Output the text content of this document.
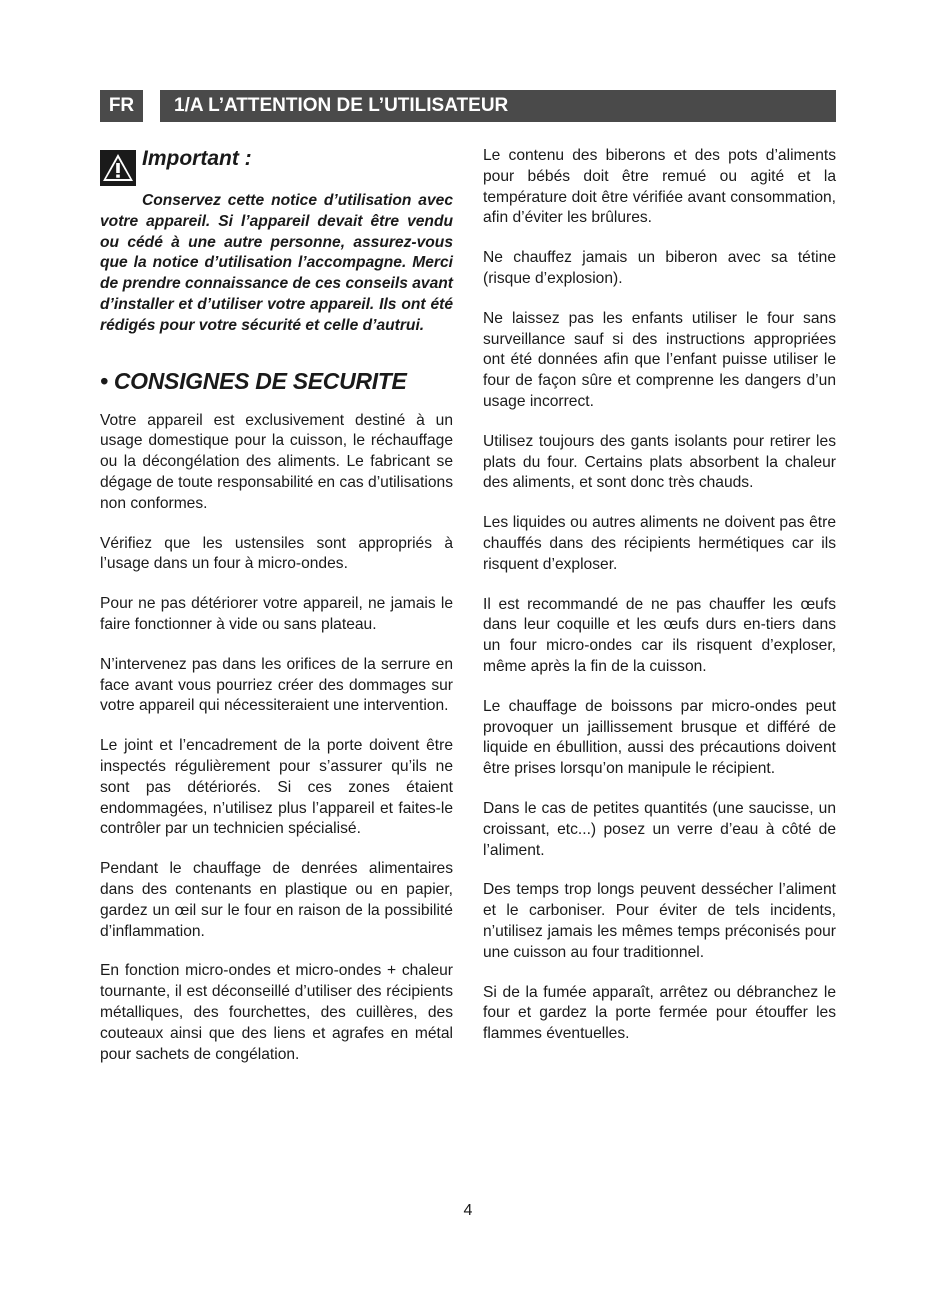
FR	1/A L’ATTENTION DE L’UTILISATEUR

Important :

Conservez cette notice d’utilisation avec votre appareil. Si l’appareil devait être vendu ou cédé à une autre personne, assurez-vous que la notice d’utilisation l’accompagne. Merci de prendre connaissance de ces conseils avant d’installer et d’utiliser votre appareil. Ils ont été rédigés pour votre sécurité et celle d’autrui.

• CONSIGNES DE SECURITE

Votre appareil est exclusivement destiné à un usage domestique pour la cuisson, le réchauffage ou la décongélation des aliments. Le fabricant se dégage de toute responsabilité en cas d’utilisations non conformes.

Vérifiez que les ustensiles sont appropriés à l’usage dans un four à micro-ondes.

Pour ne pas détériorer votre appareil, ne jamais le faire fonctionner à vide ou sans plateau.

N’intervenez pas dans les orifices de la serrure en face avant vous pourriez créer des dommages sur votre appareil qui nécessiteraient une intervention.

Le joint et l’encadrement de la porte doivent être inspectés régulièrement pour s’assurer qu’ils ne sont pas détériorés. Si ces zones étaient endommagées, n’utilisez plus l’appareil et faites-le contrôler par un technicien spécialisé.

Pendant le chauffage de denrées alimentaires dans des contenants en plastique ou en papier, gardez un œil sur le four en raison de la possibilité d’inflammation.

En fonction micro-ondes et micro-ondes + chaleur tournante, il est déconseillé d’utiliser des récipients métalliques, des fourchettes, des cuillères, des couteaux ainsi que des liens et agrafes en métal pour sachets de congélation.

Le contenu des biberons et des pots d’aliments pour bébés doit être remué ou agité et la température doit être vérifiée avant consommation, afin d’éviter les brûlures.

Ne chauffez jamais un biberon avec sa tétine (risque d’explosion).

Ne laissez pas les enfants utiliser le four sans surveillance sauf si des instructions appropriées ont été données afin que l’enfant puisse utiliser le four de façon sûre et comprenne les dangers d’un usage incorrect.

Utilisez toujours des gants isolants pour retirer les plats du four. Certains plats absorbent la chaleur des aliments, et sont donc très chauds.

Les liquides ou autres aliments ne doivent pas être chauffés dans des récipients hermétiques car ils risquent d’exploser.

Il est recommandé de ne pas chauffer les œufs dans leur coquille et les œufs durs en-tiers dans un four micro-ondes car ils risquent d’exploser, même après la fin de la cuisson.

Le chauffage de boissons par micro-ondes peut provoquer un jaillissement brusque et différé de liquide en ébullition, aussi des précautions doivent être prises lorsqu’on manipule le récipient.

Dans le cas de petites quantités (une saucisse, un croissant, etc...) posez un verre d’eau à côté de l’aliment.

Des temps trop longs peuvent dessécher l’aliment et le carboniser. Pour éviter de tels incidents, n’utilisez jamais les mêmes temps préconisés pour une cuisson au four traditionnel.

Si de la fumée apparaît, arrêtez ou débranchez le four et gardez la porte fermée pour étouffer les flammes éventuelles.

4
